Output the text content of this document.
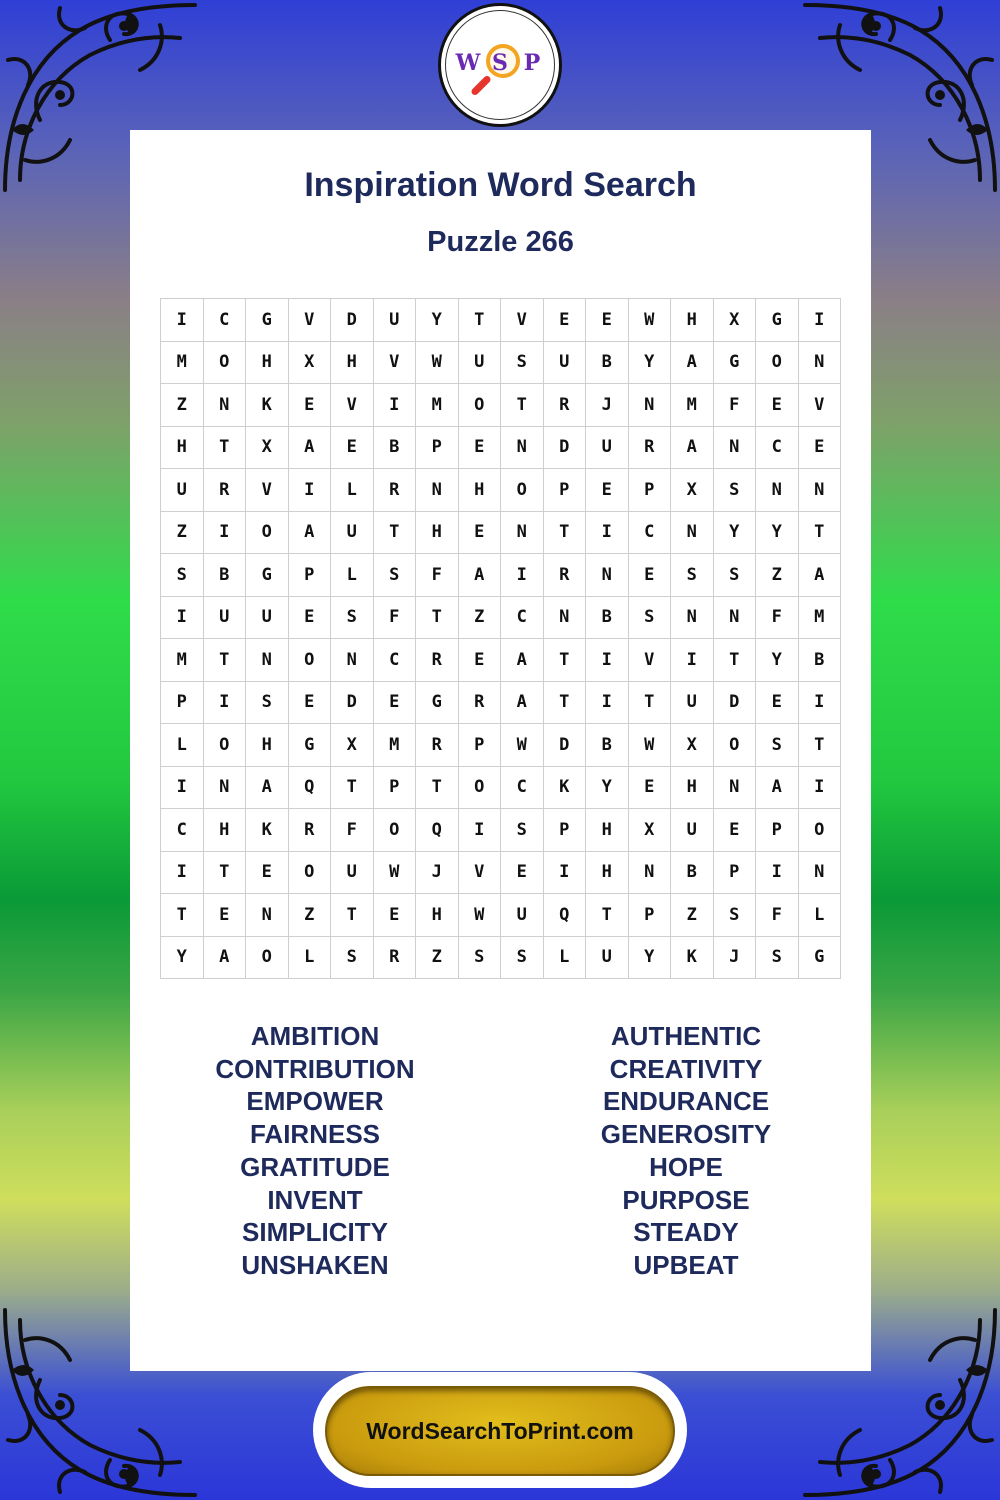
Inspiration Word Search
Puzzle 266
I	C	G	V	D	U	Y	T	V	E	E	W	H	X	G	I
M	O	H	X	H	V	W	U	S	U	B	Y	A	G	O	N
Z	N	K	E	V	I	M	O	T	R	J	N	M	F	E	V
H	T	X	A	E	B	P	E	N	D	U	R	A	N	C	E
U	R	V	I	L	R	N	H	O	P	E	P	X	S	N	N
Z	I	O	A	U	T	H	E	N	T	I	C	N	Y	Y	T
S	B	G	P	L	S	F	A	I	R	N	E	S	S	Z	A
I	U	U	E	S	F	T	Z	C	N	B	S	N	N	F	M
M	T	N	O	N	C	R	E	A	T	I	V	I	T	Y	B
P	I	S	E	D	E	G	R	A	T	I	T	U	D	E	I
L	O	H	G	X	M	R	P	W	D	B	W	X	O	S	T
I	N	A	Q	T	P	T	O	C	K	Y	E	H	N	A	I
C	H	K	R	F	O	Q	I	S	P	H	X	U	E	P	O
I	T	E	O	U	W	J	V	E	I	H	N	B	P	I	N
T	E	N	Z	T	E	H	W	U	Q	T	P	Z	S	F	L
Y	A	O	L	S	R	Z	S	S	L	U	Y	K	J	S	G
AMBITION
CONTRIBUTION
EMPOWER
FAIRNESS
GRATITUDE
INVENT
SIMPLICITY
UNSHAKEN
AUTHENTIC
CREATIVITY
ENDURANCE
GENEROSITY
HOPE
PURPOSE
STEADY
UPBEAT
W S P
WordSearchToPrint.com
